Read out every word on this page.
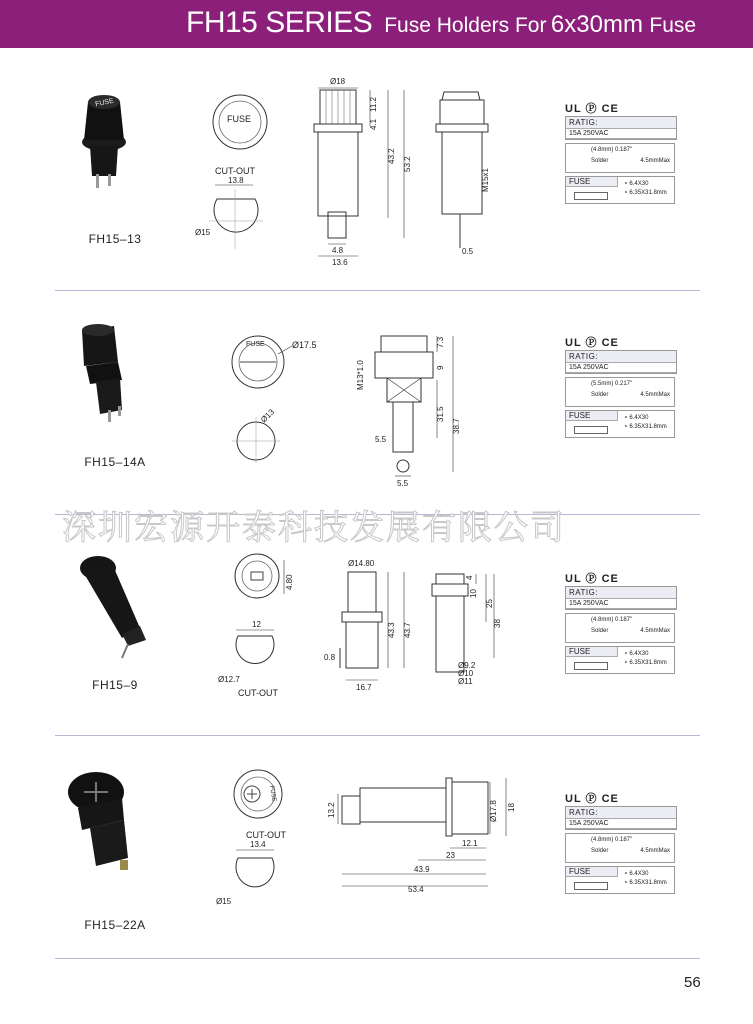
FH15 SERIES Fuse Holders For 6x30mm Fuse
FUSE
FH15–13
FUSE
CUT-OUT
13.8
Ø15
Ø18
11.2
4.1
43.2
53.2
4.8
13.6
M15x1
0.5
UL Ⓟ CE
RATIG:
15A 250VAC
(4.8mm) 0.187"
Solder	4.5mmMax
FUSE	∘ 6.4X30
∘ 6.35X31.8mm
FH15–14A
FUSE	Ø17.5
Ø13
M13*1.0
7.3
9
31.5
38.7
5.5
5.5
UL Ⓟ CE
RATIG:
15A 250VAC
(5.5mm) 0.217"
Solder	4.5mmMax
FUSE	∘ 6.4X30
∘ 6.35X31.8mm
深圳宏源开泰科技发展有限公司
FH15–9
4.80
12
Ø12.7
CUT-OUT
Ø14.80
0.8
43.3 43.7
16.7
4
10
25
38
Ø9.2
Ø10
Ø11
UL Ⓟ CE
RATIG:
15A 250VAC
(4.8mm) 0.187"
Solder	4.5mmMax
FUSE	∘ 6.4X30
∘ 6.35X31.8mm
FH15–22A
FUSE
CUT-OUT
13.4
Ø15
13.2	Ø17.8 18
12.1
23
43.9
53.4
UL Ⓟ CE
RATIG:
15A 250VAC
(4.8mm) 0.187"
Solder	4.5mmMax
FUSE	∘ 6.4X30
∘ 6.35X31.8mm
56
